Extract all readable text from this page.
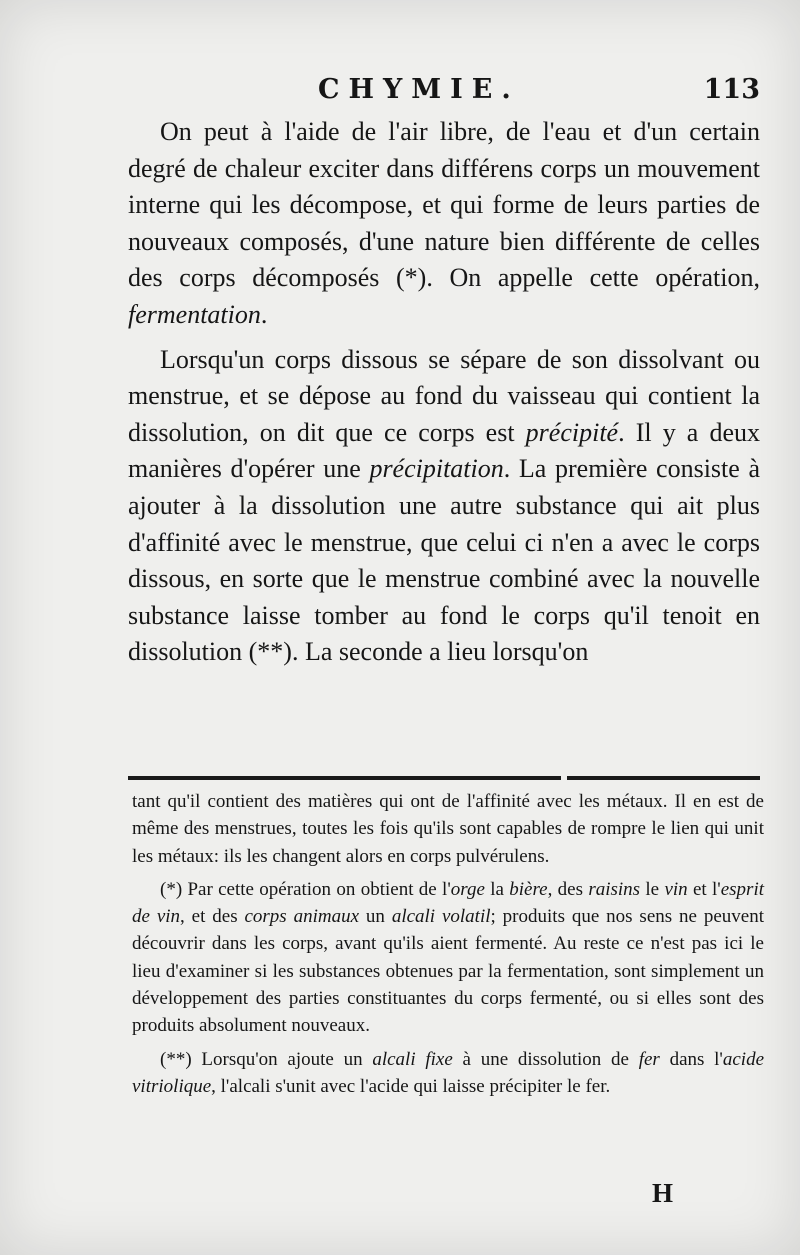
CHYMIE.	113

On peut à l'aide de l'air libre, de l'eau et d'un certain degré de chaleur exciter dans différens corps un mouvement interne qui les décompose, et qui forme de leurs parties de nouveaux composés, d'une nature bien différente de celles des corps décomposés (*). On appelle cette opération, fermentation.

Lorsqu'un corps dissous se sépare de son dissolvant ou menstrue, et se dépose au fond du vaisseau qui contient la dissolution, on dit que ce corps est précipité. Il y a deux manières d'opérer une précipitation. La première consiste à ajouter à la dissolution une autre substance qui ait plus d'affinité avec le menstrue, que celui ci n'en a avec le corps dissous, en sorte que le menstrue combiné avec la nouvelle substance laisse tomber au fond le corps qu'il tenoit en dissolution (**). La seconde a lieu lorsqu'on

tant qu'il contient des matières qui ont de l'affinité avec les métaux. Il en est de même des menstrues, toutes les fois qu'ils sont capables de rompre le lien qui unit les métaux: ils les changent alors en corps pulvérulens.

(*) Par cette opération on obtient de l'orge la bière, des raisins le vin et l'esprit de vin, et des corps animaux un alcali volatil; produits que nos sens ne peuvent découvrir dans les corps, avant qu'ils aient fermenté. Au reste ce n'est pas ici le lieu d'examiner si les substances obtenues par la fermentation, sont simplement un développement des parties constituantes du corps fermenté, ou si elles sont des produits absolument nouveaux.

(**) Lorsqu'on ajoute un alcali fixe à une dissolution de fer dans l'acide vitriolique, l'alcali s'unit avec l'acide qui laisse précipiter le fer.

H
